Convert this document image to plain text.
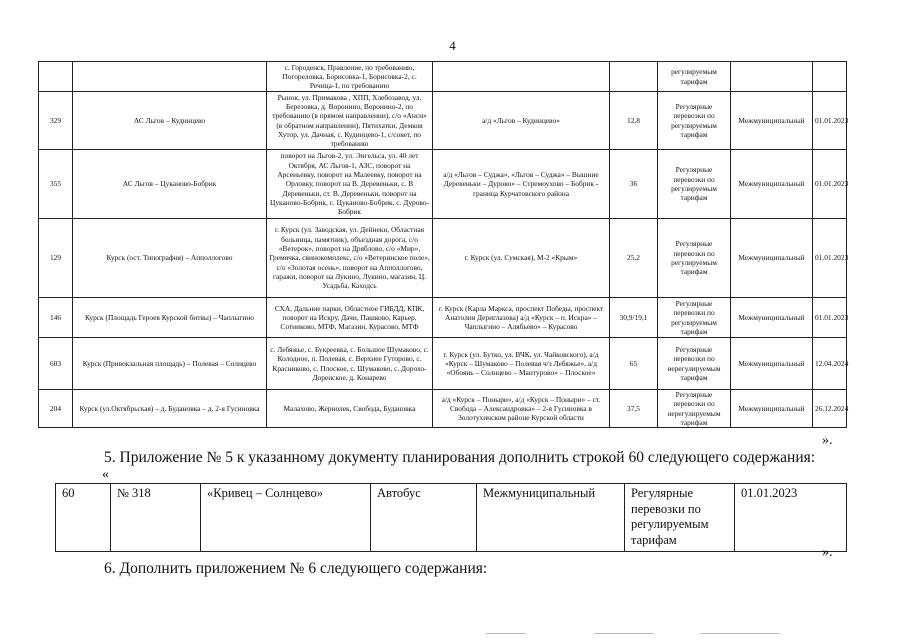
4
		с. Городенск, Правление, по требованию, Погореловка, Борисовка-1, Борисовка-2, с. Речица-1, по требованию			регулируемым тарифам		
329	АС Льгов – Кудинцево	Рынок, ул. Примакова , ХПП, Хлебозавод, ул. Березовка, д. Воронино, Воронино-2, по требованию (в прямом направлении), с/о «Анси» (в обратном направлении), Пятихатки, Демков Хутор, ул. Дачная, с. Кудинцево-1, с/совет, по требованию	а/д «Льгов – Кудинцево»	12,8	Регулярные перевозки по регулируемым тарифам	Межмуниципальный	01.01.2023
355	АС Льгов – Цуканово-Бобрик	поворот на Льгов-2, ул. Энгельса, ул. 40 лет Октября, АС Льгов-1, АЗС, поворот на Арсеньевку, поворот на Малеевку, поворот на Орловку, поворот на В. Деревеньки, с. В Деревеньки, ст. В. Деревеньки, поворот на Цуканово-Бобрик, с. Цуканово-Бобрик, с. Дурово-Бобрик	а/д «Льгов – Суджа», «Льгов – Суджа» – Вышние Деревеньки – Дурово» – Стремоухово – Бобрик - граница Курчатовского района	36	Регулярные перевозки по регулируемым тарифам	Межмуниципальный	01.01.2023
129	Курск (ост. Типография) – Апполлогово	г. Курск (ул. Заводская, ул. Дейнеки, Областная больница, памятник), объездная дорога, с/о «Ветерок», поворот на Дрябловo, с/о «Мир», Гремячка, свинокомплекс, с/о «Ветеринское поле», с/о «Золотая осень», поворот на Апполлогово, гаражи, поворот на Лукино, Лукино, магазин, Ц. Усадьба, Каходсь	г. Курск (ул. Сумская), М-2 «Крым»	25,2	Регулярные перевозки по регулируемым тарифам	Межмуниципальный	01.01.2023
146	Курск (Площадь Героев Курской битвы) – Чаплыгино	СХА, Дальние парки, Областное ГИБДД, КПК, поворот на Искру, Дачи, Пашково, Карьер, Сотниково, МТФ, Магазин, Курасово, МТФ	г. Курск (Карла Маркса, проспект Победы, проспект Анатолия Дериглазова) а/д «Курск – п. Искра» – Чаплыгино – Алябьево» – Курасово	30,9/19,1	Регулярные перевозки по регулируемым тарифам	Межмуниципальный	01.01.2023
603	Курск (Привокзальная площадь) – Полевая – Солнцево	с. Лебяжье, с. Букреевка, с. Большое Шумаково, с. Колодное, п. Полевая, с. Верхнее Гуторово, с. Красниково, с. Плоское, с. Шумаково, с. Дорохо-Доренское, д. Конарево	г. Курск (ул. Бутко, ул. ВЧК, ул. Чайковского), а/д «Курск – Шумаково – Полевая ч/з Лебяжье», а/д «Обоянь – Солнцево – Мантурово» – Плоское»	65	Регулярные перевозки по нерегулируемым тарифам	Межмуниципальный	12.04.2024
204	Курск (ул.Октябрьская) – д. Будановка – д. 2-я Гусиновка	Малахово, Жернолек, Свобода, Будановка	а/д «Курск – Поныри», а/д «Курск – Поныри» – ст. Свобода – Александровка» – 2-я Гусиновка в Золотухинском районе Курской области	37,5	Регулярные перевозки по нерегулируемым тарифам	Межмуниципальный	26.12.2024
».
5. Приложение № 5 к указанному документу планирования дополнить строкой 60 следующего содержания:
«
60	№ 318	«Кривец – Солнцево»	Автобус	Межмуниципальный	Регулярные перевозки по регулируемым тарифам	01.01.2023
».
6. Дополнить приложением № 6 следующего содержания:
